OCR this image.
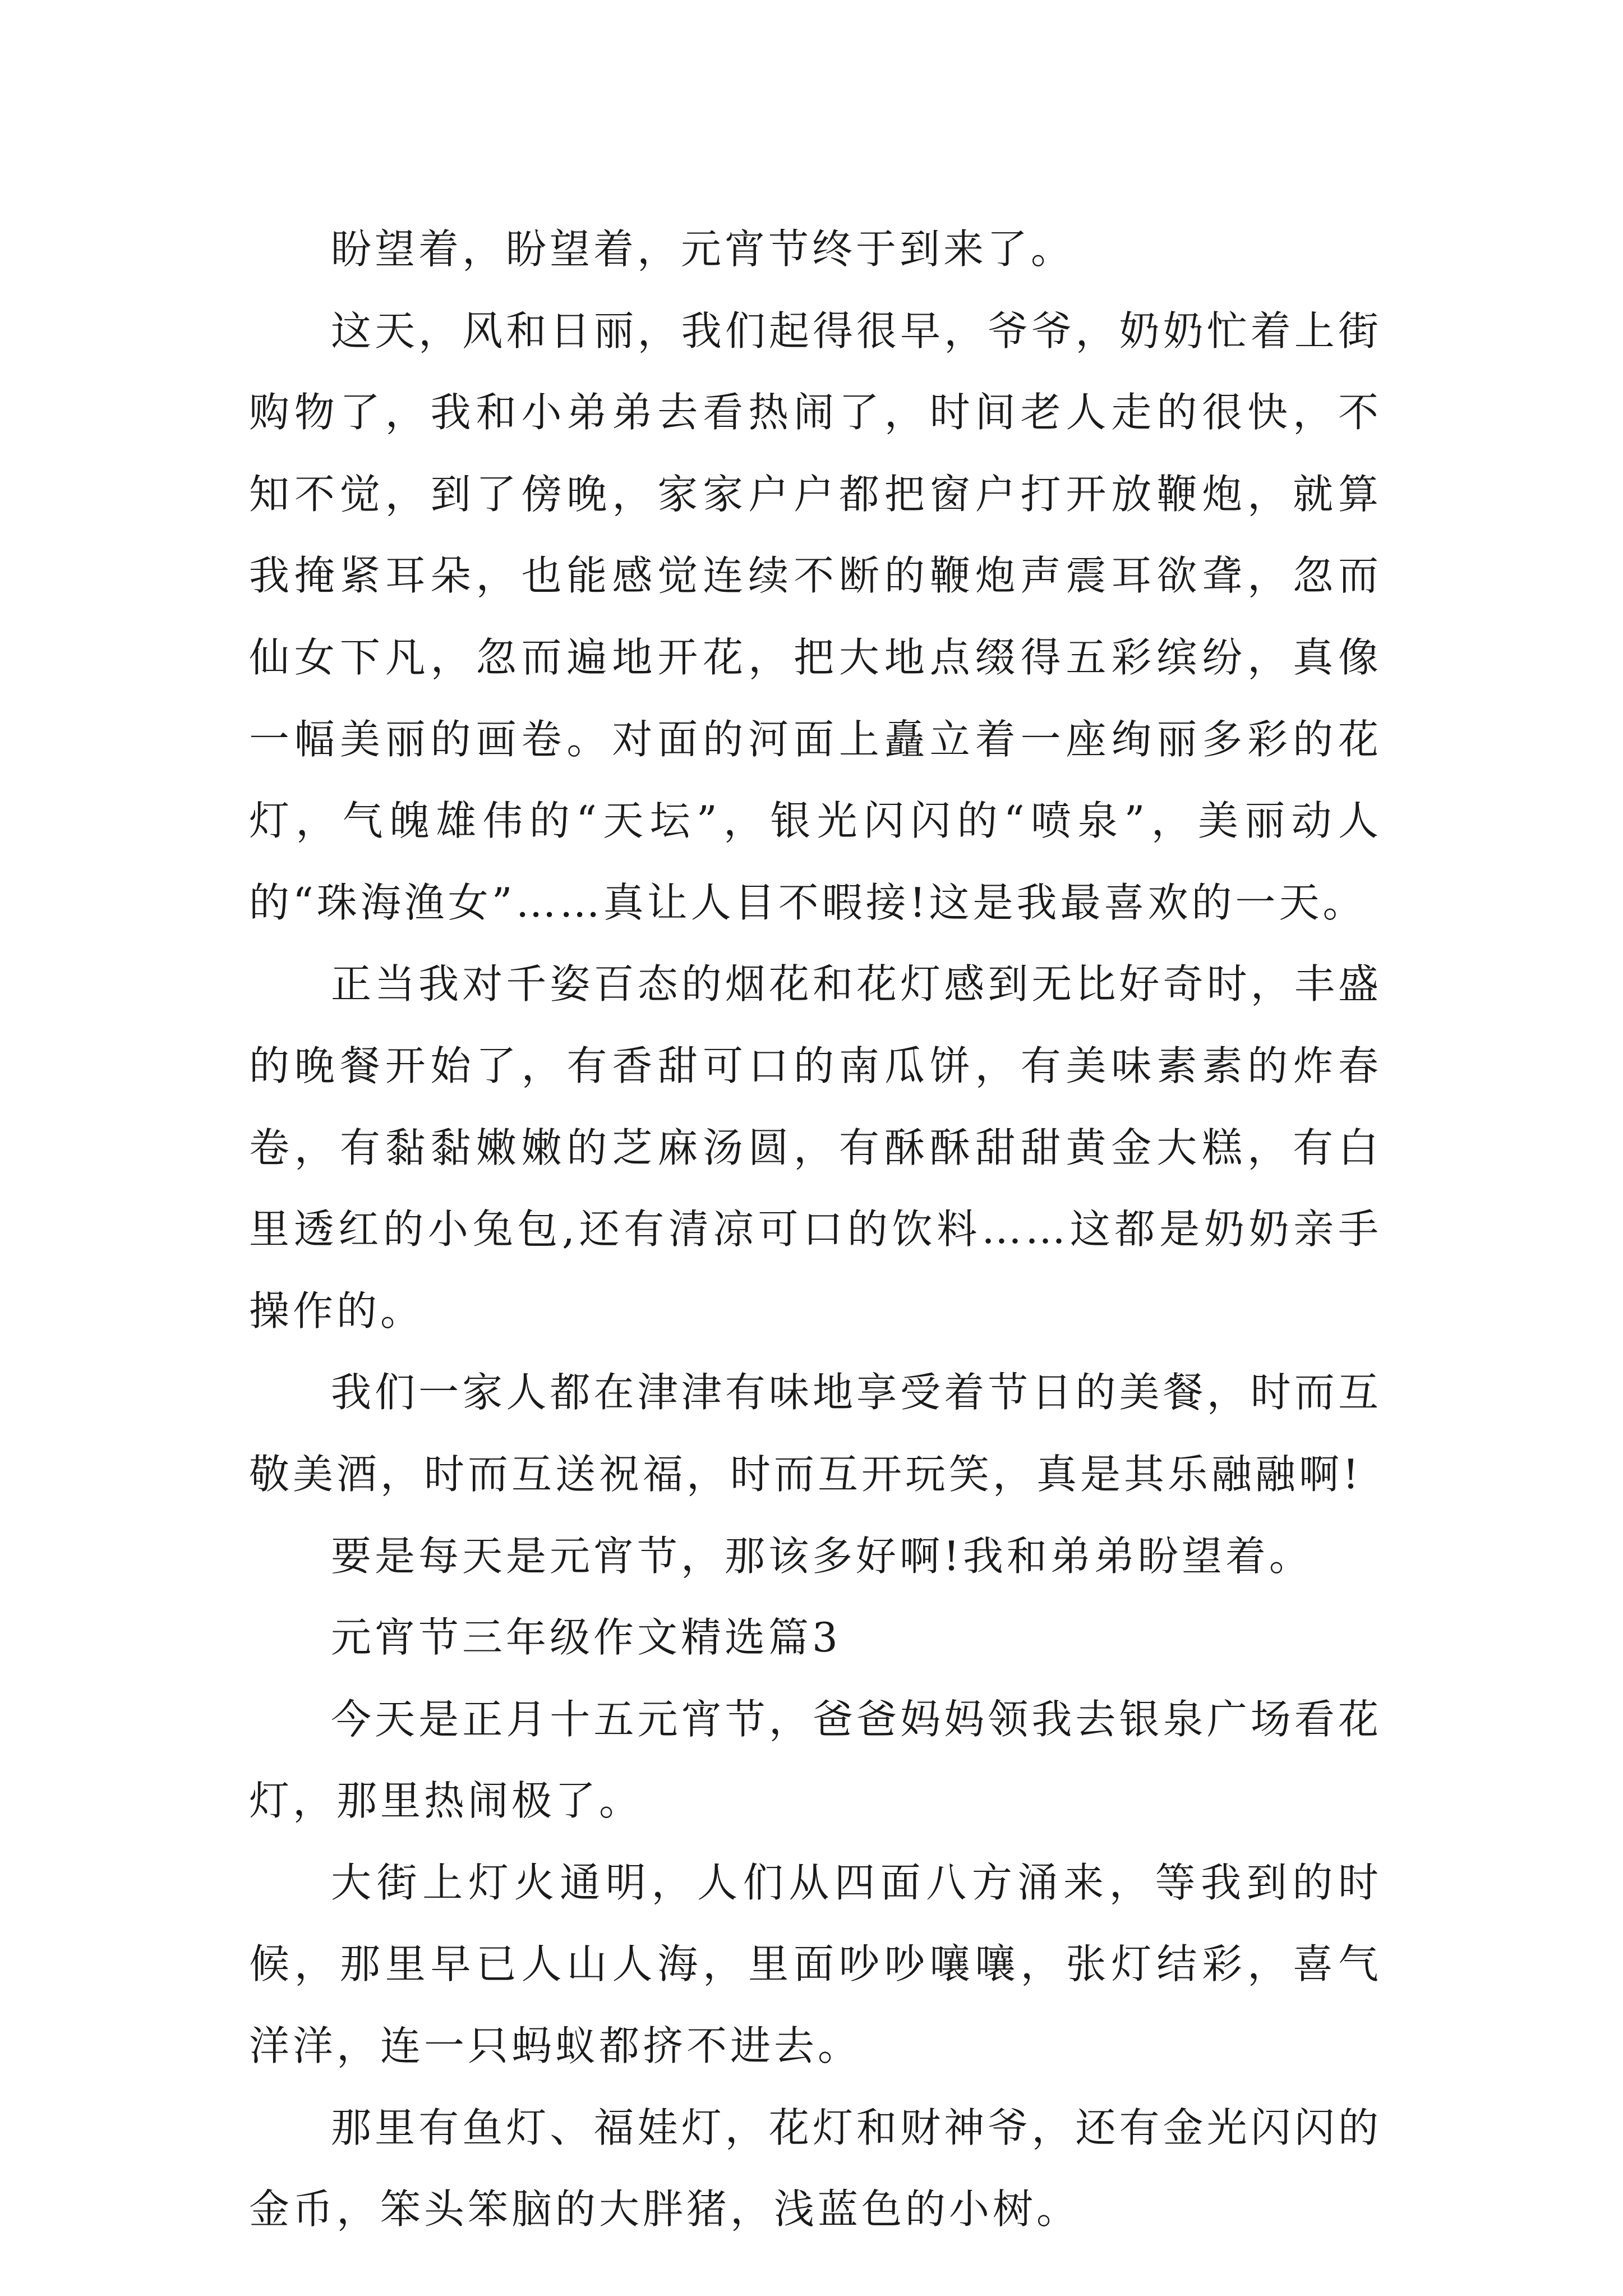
盼望着，盼望着，元宵节终于到来了。

这天，风和日丽，我们起得很早，爷爷，奶奶忙着上街购物了，我和小弟弟去看热闹了，时间老人走的很快，不知不觉，到了傍晚，家家户户都把窗户打开放鞭炮，就算我掩紧耳朵，也能感觉连续不断的鞭炮声震耳欲聋，忽而仙女下凡，忽而遍地开花，把大地点缀得五彩缤纷，真像一幅美丽的画卷。对面的河面上矗立着一座绚丽多彩的花灯，气魄雄伟的“天坛”，银光闪闪的“喷泉”，美丽动人的“珠海渔女”……真让人目不暇接!这是我最喜欢的一天。

正当我对千姿百态的烟花和花灯感到无比好奇时，丰盛的晚餐开始了，有香甜可口的南瓜饼，有美味素素的炸春卷，有黏黏嫩嫩的芝麻汤圆，有酥酥甜甜黄金大糕，有白里透红的小兔包,还有清凉可口的饮料……这都是奶奶亲手操作的。

我们一家人都在津津有味地享受着节日的美餐，时而互敬美酒，时而互送祝福，时而互开玩笑，真是其乐融融啊!

要是每天是元宵节，那该多好啊!我和弟弟盼望着。

元宵节三年级作文精选篇3

今天是正月十五元宵节，爸爸妈妈领我去银泉广场看花灯，那里热闹极了。

大街上灯火通明，人们从四面八方涌来，等我到的时候，那里早已人山人海，里面吵吵嚷嚷，张灯结彩，喜气洋洋，连一只蚂蚁都挤不进去。

那里有鱼灯、福娃灯，花灯和财神爷，还有金光闪闪的金币，笨头笨脑的大胖猪，浅蓝色的小树。
